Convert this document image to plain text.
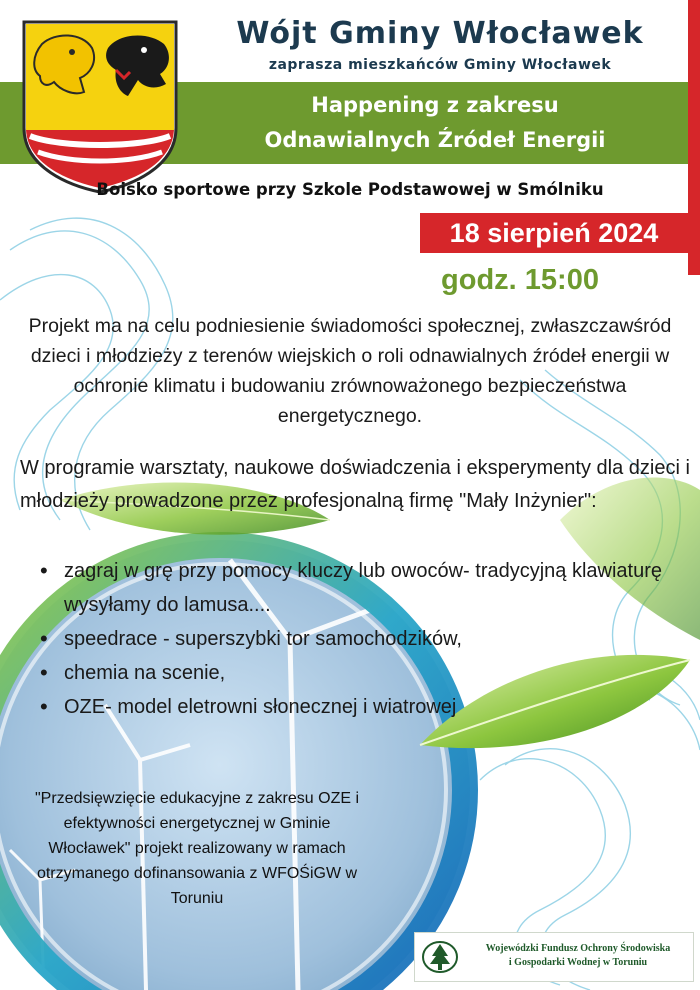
Wójt Gminy Włocławek
zaprasza mieszkańców Gminy Włocławek
Happening z zakresu
Odnawialnych Źródeł Energii
Boisko sportowe przy Szkole Podstawowej w Smólniku
18 sierpień 2024
godz. 15:00
Projekt ma na celu podniesienie świadomości społecznej, zwłaszczawśród dzieci i młodzieży z terenów wiejskich o roli odnawialnych źródeł energii w ochronie klimatu i budowaniu zrównoważonego bezpieczeństwa energetycznego.
W programie warsztaty, naukowe doświadczenia i eksperymenty dla dzieci i młodzieży prowadzone przez profesjonalną firmę "Mały Inżynier":
• zagraj w grę przy pomocy kluczy lub owoców- tradycyjną klawiaturę wysyłamy do lamusa....
• speedrace - superszybki tor samochodzików,
• chemia na scenie,
• OZE- model eletrowni słonecznej i wiatrowej
"Przedsięwzięcie edukacyjne z zakresu OZE i efektywności energetycznej w Gminie Włocławek" projekt realizowany w ramach otrzymanego dofinansowania z WFOŚiGW w Toruniu
Wojewódzki Fundusz Ochrony Środowiska
i Gospodarki Wodnej w Toruniu
